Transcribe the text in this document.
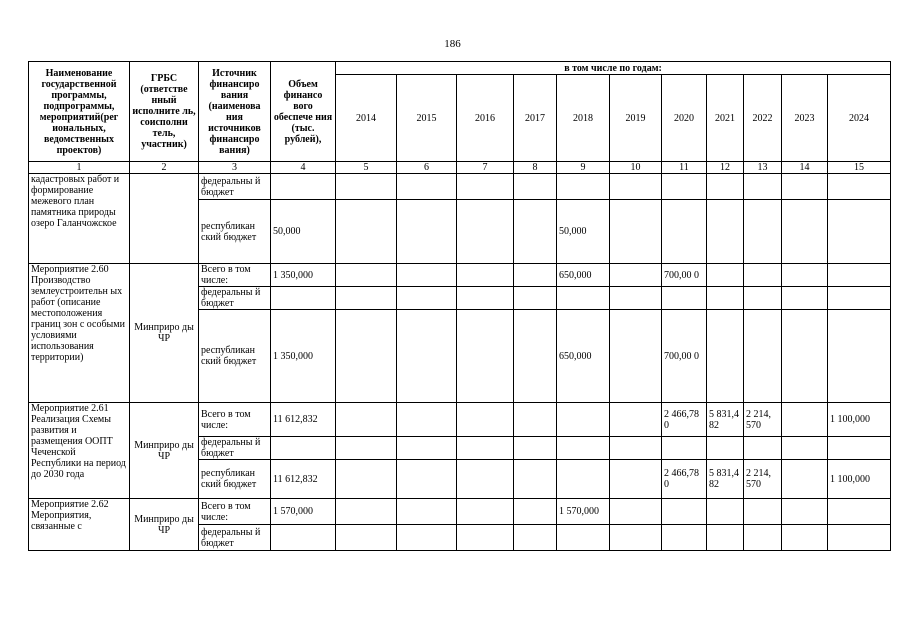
186
Наименование государственной программы, подпрограммы, мероприятий(рег иональных, ведомственных проектов)	ГРБС (ответстве нный исполните ль, соисполни тель, участник)	Источник финансиро вания (наименова ния источников финансиро вания)	Объем финансо вого обеспече ния (тыс. рублей),	в том числе по годам:										
				2014	2015	2016	2017	2018	2019	2020	2021	2022	2023	2024
1	2	3	4	5	6	7	8	9	10	11	12	13	14	15
кадастровых работ и формирование межевого план памятника природы озеро Галанчожское		федеральны й бюджет												
		республикан ский бюджет	50,000					50,000						
Мероприятие 2.60 Производство землеустроительн ых работ (описание местоположения границ зон с особыми условиями использования территории)	Минприро ды ЧР	Всего в том числе:	1 350,000					650,000		700,00 0				
		федеральны й бюджет												
		республикан ский бюджет	1 350,000					650,000		700,00 0				
Мероприятие 2.61 Реализация Схемы развития и размещения ООПТ Чеченской Республики на период до 2030 года	Минприро ды ЧР	Всего в том числе:	11 612,832							2 466,78 0	5 831,4 82	2 214, 570		1 100,000
		федеральны й бюджет												
		республикан ский бюджет	11 612,832							2 466,78 0	5 831,4 82	2 214, 570		1 100,000
Мероприятие 2.62 Мероприятия, связанные с	Минприро ды ЧР	Всего в том числе:	1 570,000					1 570,000						
		федеральны й бюджет												
